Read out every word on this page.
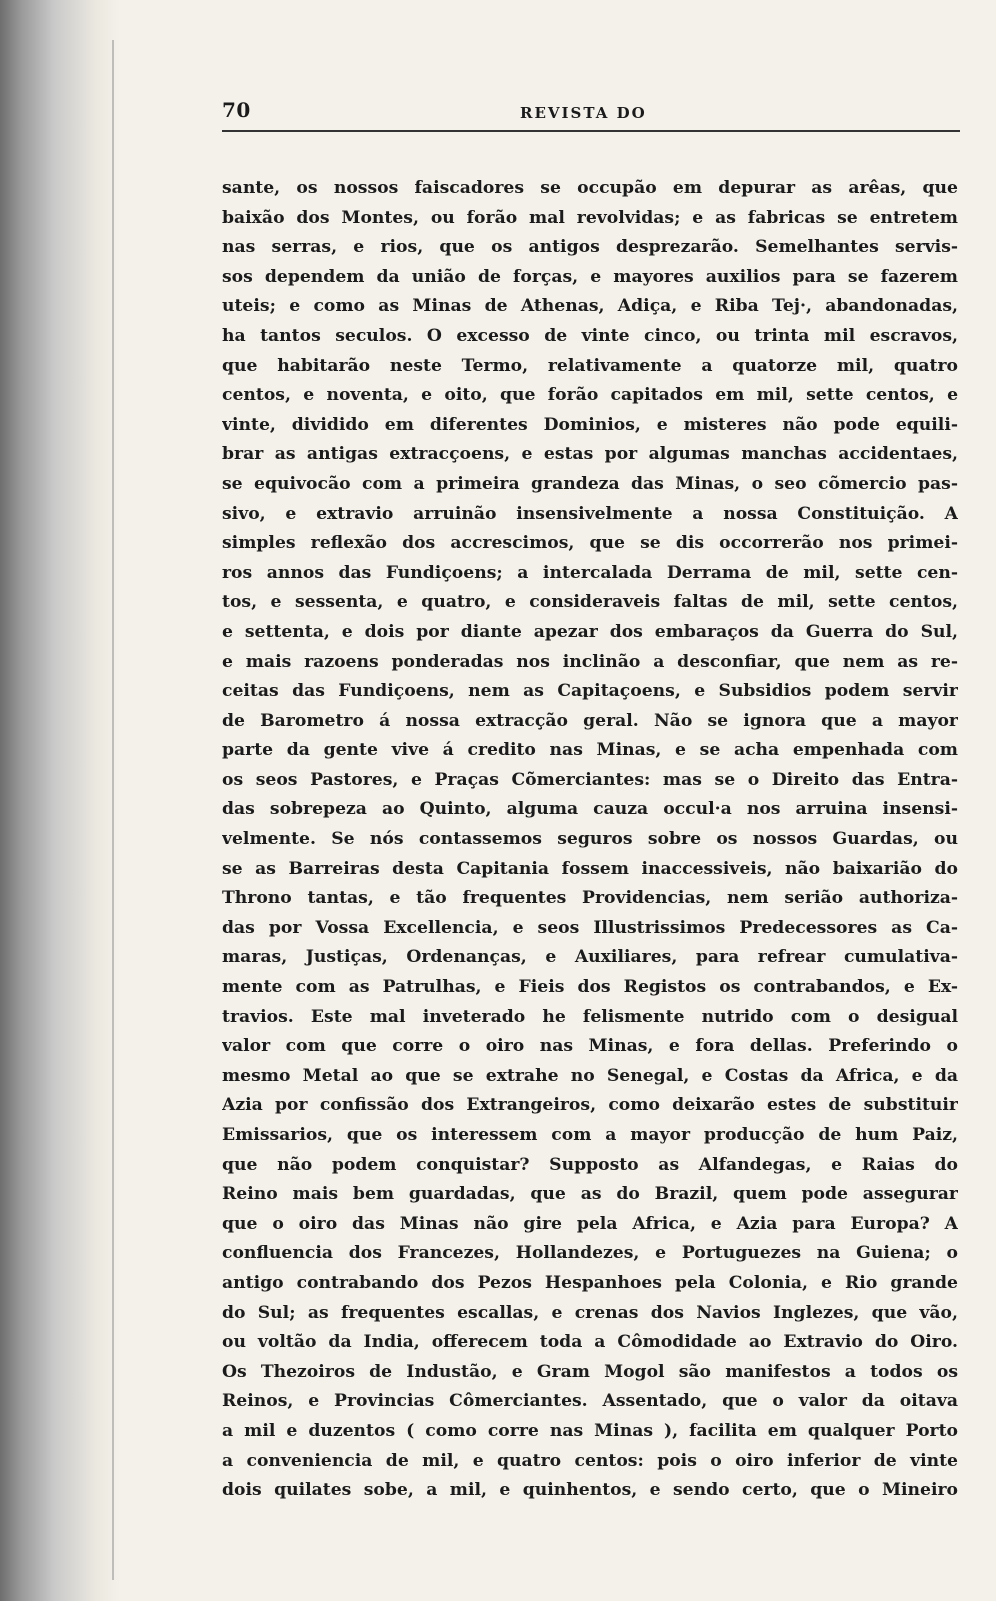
70	REVISTA DO
sante, os nossos faiscadores se occupão em depurar as arêas, que
baixão dos Montes, ou forão mal revolvidas; e as fabricas se entretem
nas serras, e rios, que os antigos desprezarão. Semelhantes servis-
sos dependem da união de forças, e mayores auxilios para se fazerem
uteis; e como as Minas de Athenas, Adiça, e Riba Tej·, abandonadas,
ha tantos seculos. O excesso de vinte cinco, ou trinta mil escravos,
que habitarão neste Termo, relativamente a quatorze mil, quatro
centos, e noventa, e oito, que forão capitados em mil, sette centos, e
vinte, dividido em diferentes Dominios, e misteres não pode equili-
brar as antigas extracçoens, e estas por algumas manchas accidentaes,
se equivocão com a primeira grandeza das Minas, o seo cõmercio pas-
sivo, e extravio arruinão insensivelmente a nossa Constituição. A
simples reflexão dos accrescimos, que se dis occorrerão nos primei-
ros annos das Fundiçoens; a intercalada Derrama de mil, sette cen-
tos, e sessenta, e quatro, e consideraveis faltas de mil, sette centos,
e settenta, e dois por diante apezar dos embaraços da Guerra do Sul,
e mais razoens ponderadas nos inclinão a desconfiar, que nem as re-
ceitas das Fundiçoens, nem as Capitaçoens, e Subsidios podem servir
de Barometro á nossa extracção geral. Não se ignora que a mayor
parte da gente vive á credito nas Minas, e se acha empenhada com
os seos Pastores, e Praças Cõmerciantes: mas se o Direito das Entra-
das sobrepeza ao Quinto, alguma cauza occul·a nos arruina insensi-
velmente. Se nós contassemos seguros sobre os nossos Guardas, ou
se as Barreiras desta Capitania fossem inaccessiveis, não baixarião do
Throno tantas, e tão frequentes Providencias, nem serião authoriza-
das por Vossa Excellencia, e seos Illustrissimos Predecessores as Ca-
maras, Justiças, Ordenanças, e Auxiliares, para refrear cumulativa-
mente com as Patrulhas, e Fieis dos Registos os contrabandos, e Ex-
travios. Este mal inveterado he felismente nutrido com o desigual
valor com que corre o oiro nas Minas, e fora dellas. Preferindo o
mesmo Metal ao que se extrahe no Senegal, e Costas da Africa, e da
Azia por confissão dos Extrangeiros, como deixarão estes de substituir
Emissarios, que os interessem com a mayor producção de hum Paiz,
que não podem conquistar? Supposto as Alfandegas, e Raias do
Reino mais bem guardadas, que as do Brazil, quem pode assegurar
que o oiro das Minas não gire pela Africa, e Azia para Europa? A
confluencia dos Francezes, Hollandezes, e Portuguezes na Guiena; o
antigo contrabando dos Pezos Hespanhoes pela Colonia, e Rio grande
do Sul; as frequentes escallas, e crenas dos Navios Inglezes, que vão,
ou voltão da India, offerecem toda a Cômodidade ao Extravio do Oiro.
Os Thezoiros de Industão, e Gram Mogol são manifestos a todos os
Reinos, e Provincias Cômerciantes. Assentado, que o valor da oitava
a mil e duzentos ( como corre nas Minas ), facilita em qualquer Porto
a conveniencia de mil, e quatro centos: pois o oiro inferior de vinte
dois quilates sobe, a mil, e quinhentos, e sendo certo, que o Mineiro
